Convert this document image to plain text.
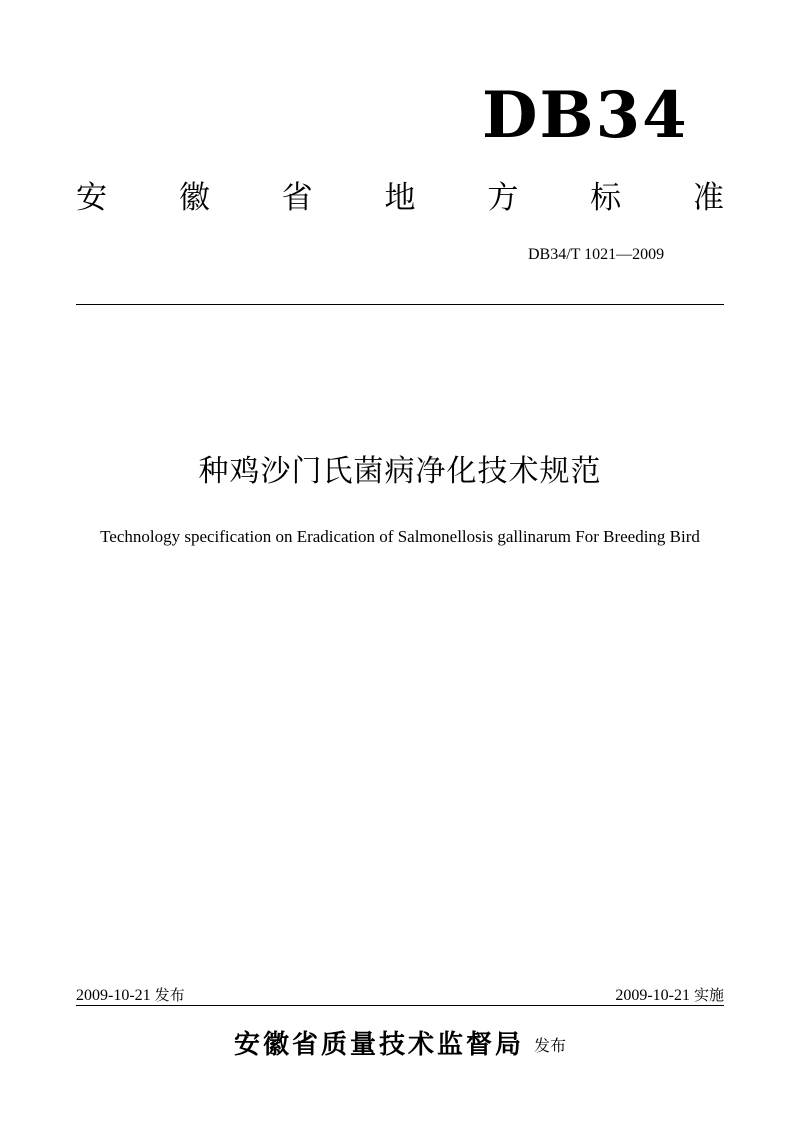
DB34
安 徽 省 地 方 标 准
DB34/T 1021—2009
种鸡沙门氏菌病净化技术规范
Technology specification on Eradication of Salmonellosis gallinarum For Breeding Bird
2009-10-21 发布	2009-10-21 实施
安徽省质量技术监督局 发布
